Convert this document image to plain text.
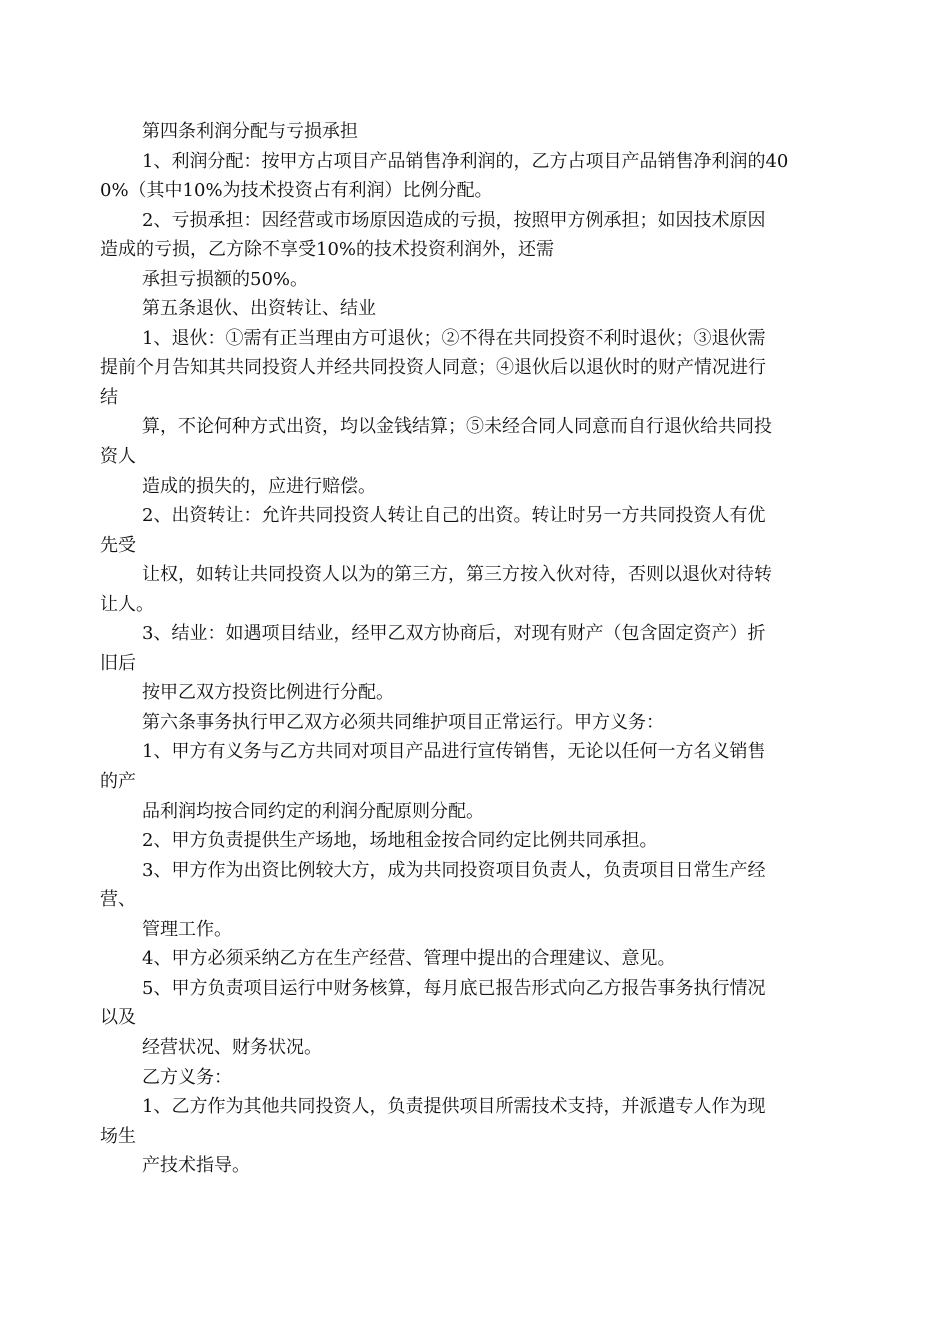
第四条利润分配与亏损承担
1、利润分配：按甲方占项目产品销售净利润的，乙方占项目产品销售净利润的40
0%（其中10%为技术投资占有利润）比例分配。
2、亏损承担：因经营或市场原因造成的亏损，按照甲方例承担；如因技术原因
造成的亏损，乙方除不享受10%的技术投资利润外，还需
承担亏损额的50%。
第五条退伙、出资转让、结业
1、退伙：①需有正当理由方可退伙；②不得在共同投资不利时退伙；③退伙需
提前个月告知其共同投资人并经共同投资人同意；④退伙后以退伙时的财产情况进行
结
算，不论何种方式出资，均以金钱结算；⑤未经合同人同意而自行退伙给共同投
资人
造成的损失的，应进行赔偿。
2、出资转让：允许共同投资人转让自己的出资。转让时另一方共同投资人有优
先受
让权，如转让共同投资人以为的第三方，第三方按入伙对待，否则以退伙对待转
让人。
3、结业：如遇项目结业，经甲乙双方协商后，对现有财产（包含固定资产）折
旧后
按甲乙双方投资比例进行分配。
第六条事务执行甲乙双方必须共同维护项目正常运行。甲方义务：
1、甲方有义务与乙方共同对项目产品进行宣传销售，无论以任何一方名义销售
的产
品利润均按合同约定的利润分配原则分配。
2、甲方负责提供生产场地，场地租金按合同约定比例共同承担。
3、甲方作为出资比例较大方，成为共同投资项目负责人，负责项目日常生产经
营、
管理工作。
4、甲方必须采纳乙方在生产经营、管理中提出的合理建议、意见。
5、甲方负责项目运行中财务核算，每月底已报告形式向乙方报告事务执行情况
以及
经营状况、财务状况。
乙方义务：
1、乙方作为其他共同投资人，负责提供项目所需技术支持，并派遣专人作为现
场生
产技术指导。
